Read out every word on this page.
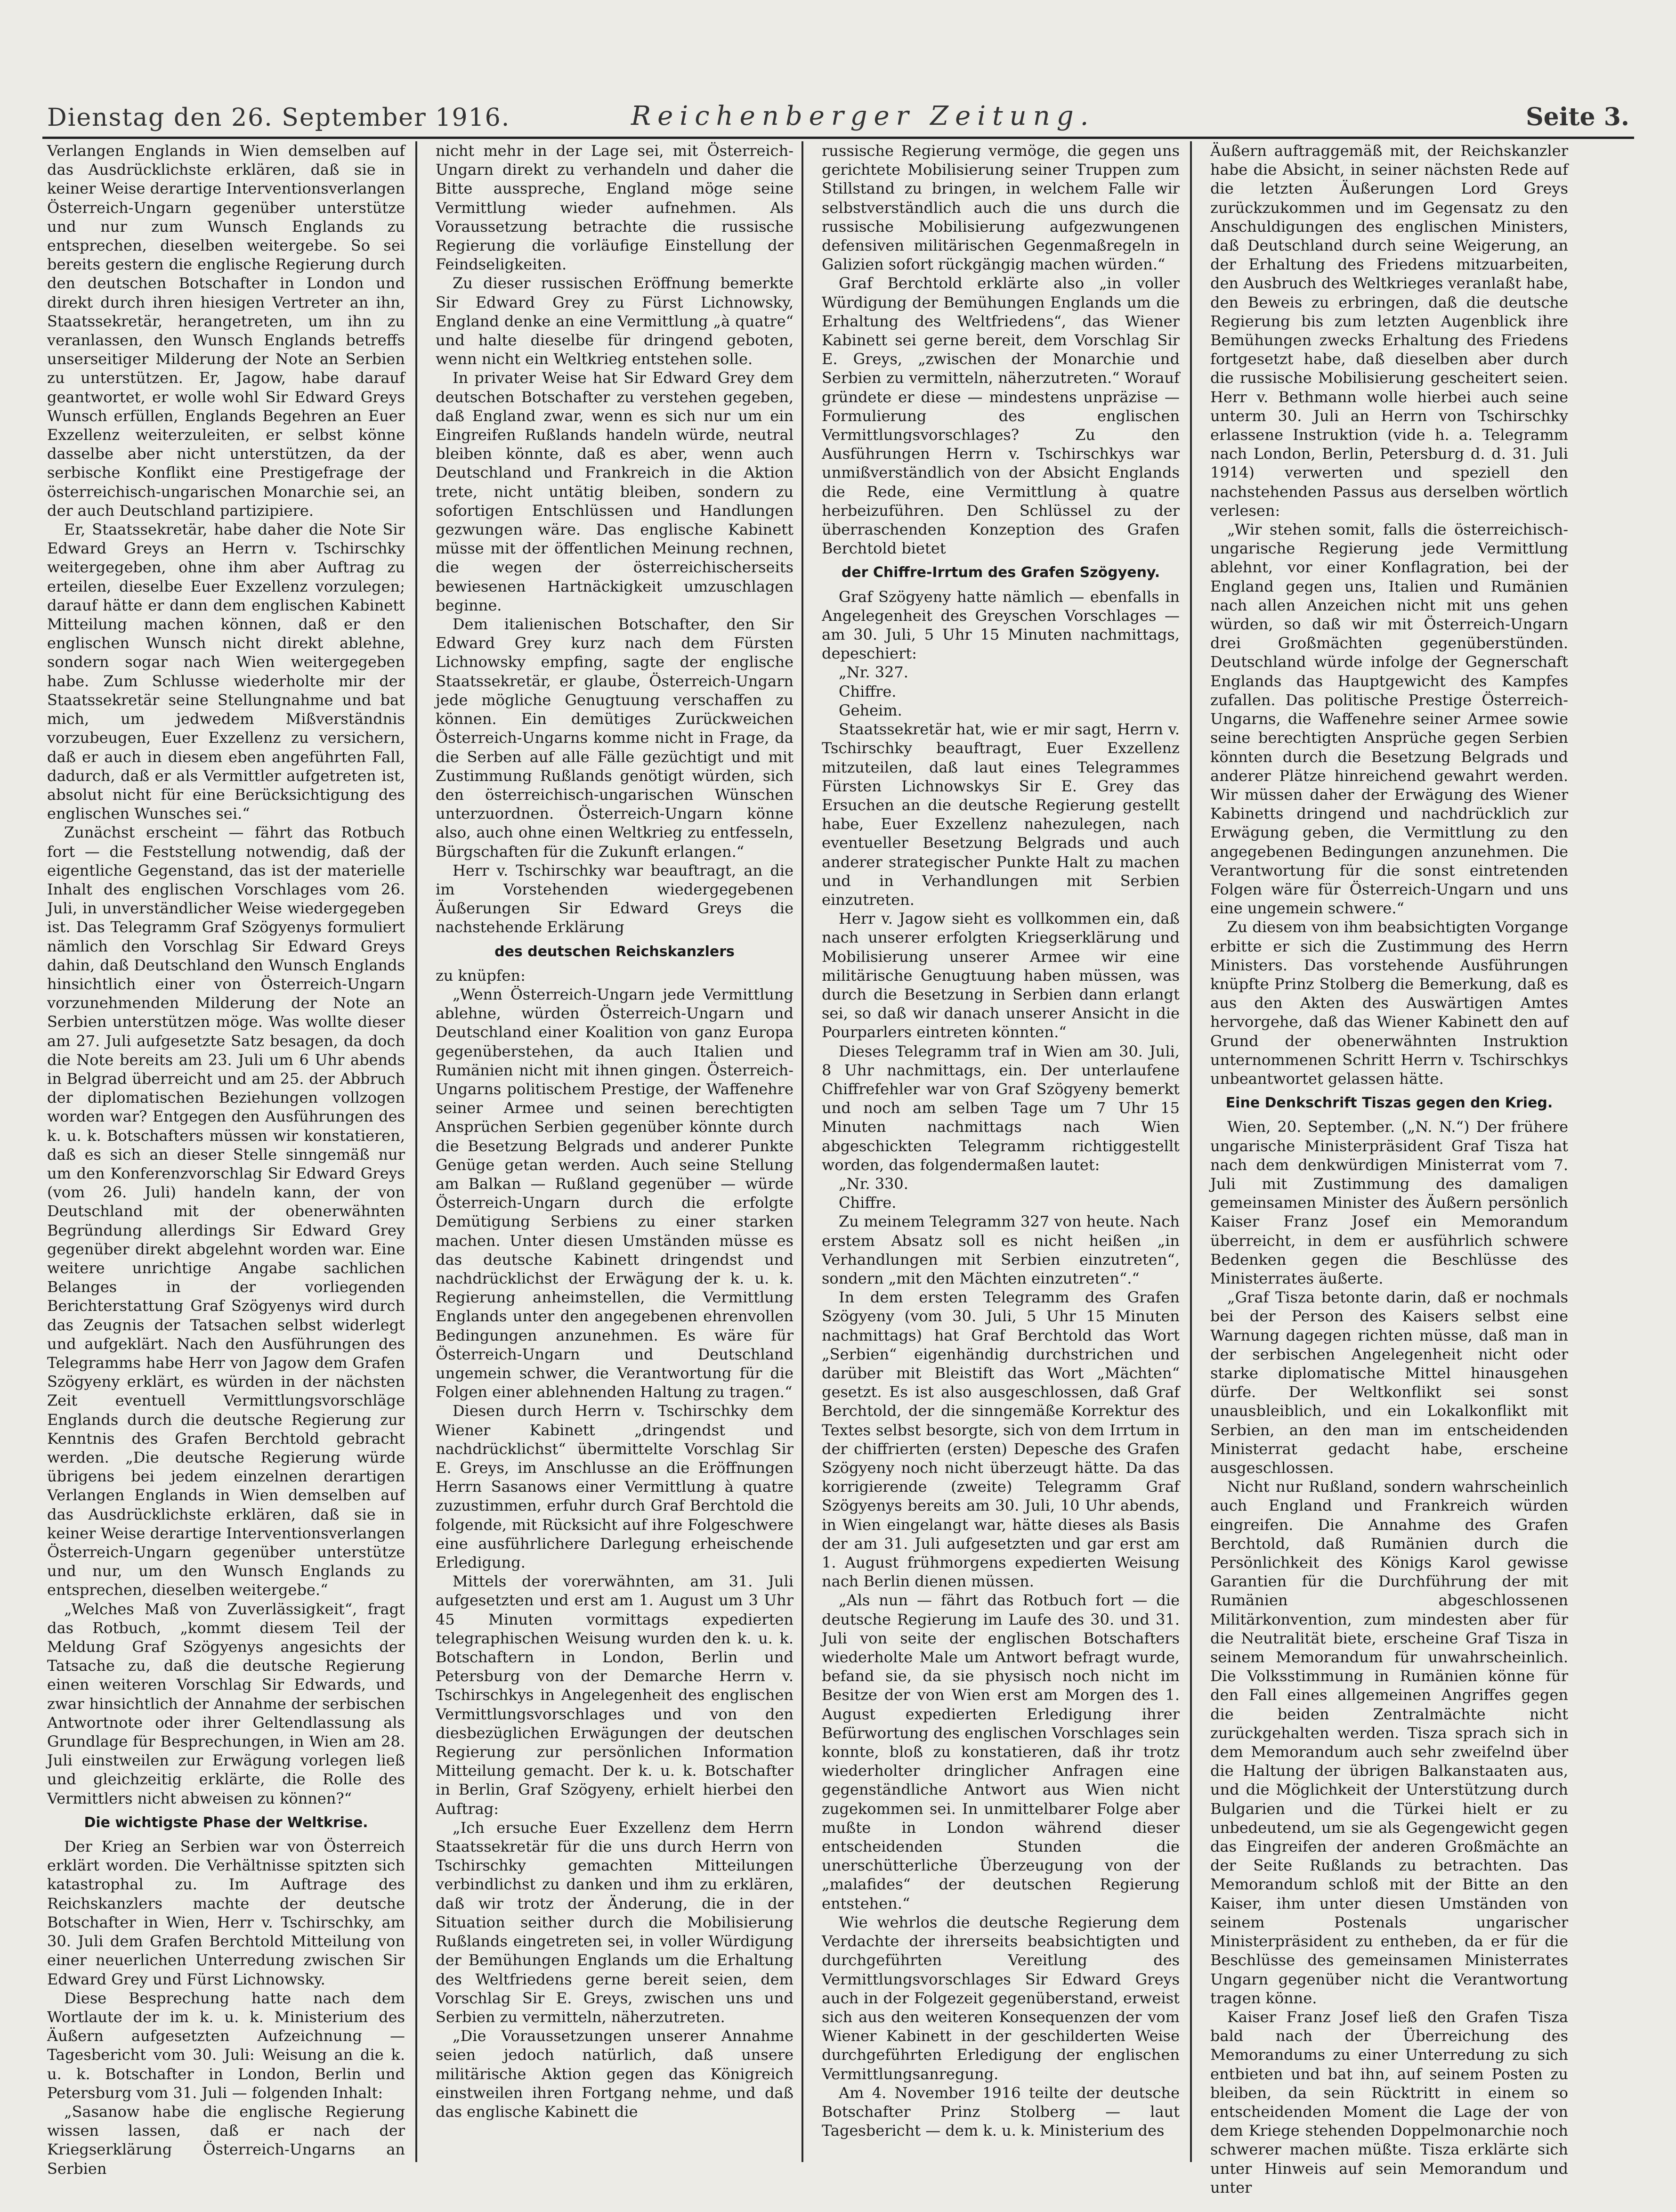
Dienstag den 26. September 1916.	Reichenberger Zeitung.	Seite 3.

Verlangen Englands in Wien demselben auf das Ausdrücklichste erklären, daß sie in keiner Weise derartige Interventionsverlangen Österreich-Ungarn gegenüber unterstütze und nur zum Wunsch Englands zu entsprechen, dieselben weitergebe. So sei bereits gestern die englische Regierung durch den deutschen Botschafter in London und direkt durch ihren hiesigen Vertreter an ihn, Staatssekretär, herangetreten, um ihn zu veranlassen, den Wunsch Englands betreffs unserseitiger Milderung der Note an Serbien zu unterstützen. Er, Jagow, habe darauf geantwortet, er wolle wohl Sir Edward Greys Wunsch erfüllen, Englands Begehren an Euer Exzellenz weiterzuleiten, er selbst könne dasselbe aber nicht unterstützen, da der serbische Konflikt eine Prestigefrage der österreichisch-ungarischen Monarchie sei, an der auch Deutschland partizipiere.

Er, Staatssekretär, habe daher die Note Sir Edward Greys an Herrn v. Tschirschky weitergegeben, ohne ihm aber Auftrag zu erteilen, dieselbe Euer Exzellenz vorzulegen; darauf hätte er dann dem englischen Kabinett Mitteilung machen können, daß er den englischen Wunsch nicht direkt ablehne, sondern sogar nach Wien weitergegeben habe. Zum Schlusse wiederholte mir der Staatssekretär seine Stellungnahme und bat mich, um jedwedem Mißverständnis vorzubeugen, Euer Exzellenz zu versichern, daß er auch in diesem eben angeführten Fall, dadurch, daß er als Vermittler aufgetreten ist, absolut nicht für eine Berücksichtigung des englischen Wunsches sei.“

Zunächst erscheint — fährt das Rotbuch fort — die Feststellung notwendig, daß der eigentliche Gegenstand, das ist der materielle Inhalt des englischen Vorschlages vom 26. Juli, in unverständlicher Weise wiedergegeben ist. Das Telegramm Graf Szögyenys formuliert nämlich den Vorschlag Sir Edward Greys dahin, daß Deutschland den Wunsch Englands hinsichtlich einer von Österreich-Ungarn vorzunehmenden Milderung der Note an Serbien unterstützen möge. Was wollte dieser am 27. Juli aufgesetzte Satz besagen, da doch die Note bereits am 23. Juli um 6 Uhr abends in Belgrad überreicht und am 25. der Abbruch der diplomatischen Beziehungen vollzogen worden war? Entgegen den Ausführungen des k. u. k. Botschafters müssen wir konstatieren, daß es sich an dieser Stelle sinngemäß nur um den Konferenzvorschlag Sir Edward Greys (vom 26. Juli) handeln kann, der von Deutschland mit der obenerwähnten Begründung allerdings Sir Edward Grey gegenüber direkt abgelehnt worden war. Eine weitere unrichtige Angabe sachlichen Belanges in der vorliegenden Berichterstattung Graf Szögyenys wird durch das Zeugnis der Tatsachen selbst widerlegt und aufgeklärt. Nach den Ausführungen des Telegramms habe Herr von Jagow dem Grafen Szögyeny erklärt, es würden in der nächsten Zeit eventuell Vermittlungsvorschläge Englands durch die deutsche Regierung zur Kenntnis des Grafen Berchtold gebracht werden. „Die deutsche Regierung würde übrigens bei jedem einzelnen derartigen Verlangen Englands in Wien demselben auf das Ausdrücklichste erklären, daß sie in keiner Weise derartige Interventionsverlangen Österreich-Ungarn gegenüber unterstütze und nur, um den Wunsch Englands zu entsprechen, dieselben weitergebe.“

„Welches Maß von Zuverlässigkeit“, fragt das Rotbuch, „kommt diesem Teil der Meldung Graf Szögyenys angesichts der Tatsache zu, daß die deutsche Regierung einen weiteren Vorschlag Sir Edwards, und zwar hinsichtlich der Annahme der serbischen Antwortnote oder ihrer Geltendlassung als Grundlage für Besprechungen, in Wien am 28. Juli einstweilen zur Erwägung vorlegen ließ und gleichzeitig erklärte, die Rolle des Vermittlers nicht abweisen zu können?“

Die wichtigste Phase der Weltkrise.

Der Krieg an Serbien war von Österreich erklärt worden. Die Verhältnisse spitzten sich katastrophal zu. Im Auftrage des Reichskanzlers machte der deutsche Botschafter in Wien, Herr v. Tschirschky, am 30. Juli dem Grafen Berchtold Mitteilung von einer neuerlichen Unterredung zwischen Sir Edward Grey und Fürst Lichnowsky.

Diese Besprechung hatte nach dem Wortlaute der im k. u. k. Ministerium des Äußern aufgesetzten Aufzeichnung — Tagesbericht vom 30. Juli: Weisung an die k. u. k. Botschafter in London, Berlin und Petersburg vom 31. Juli — folgenden Inhalt:

„Sasanow habe die englische Regierung wissen lassen, daß er nach der Kriegserklärung Österreich-Ungarns an Serbien

nicht mehr in der Lage sei, mit Österreich-Ungarn direkt zu verhandeln und daher die Bitte ausspreche, England möge seine Vermittlung wieder aufnehmen. Als Voraussetzung betrachte die russische Regierung die vorläufige Einstellung der Feindseligkeiten.

Zu dieser russischen Eröffnung bemerkte Sir Edward Grey zu Fürst Lichnowsky, England denke an eine Vermittlung „à quatre“ und halte dieselbe für dringend geboten, wenn nicht ein Weltkrieg entstehen solle.

In privater Weise hat Sir Edward Grey dem deutschen Botschafter zu verstehen gegeben, daß England zwar, wenn es sich nur um ein Eingreifen Rußlands handeln würde, neutral bleiben könnte, daß es aber, wenn auch Deutschland und Frankreich in die Aktion trete, nicht untätig bleiben, sondern zu sofortigen Entschlüssen und Handlungen gezwungen wäre. Das englische Kabinett müsse mit der öffentlichen Meinung rechnen, die wegen der österreichischerseits bewiesenen Hartnäckigkeit umzuschlagen beginne.

Dem italienischen Botschafter, den Sir Edward Grey kurz nach dem Fürsten Lichnowsky empfing, sagte der englische Staatssekretär, er glaube, Österreich-Ungarn jede mögliche Genugtuung verschaffen zu können. Ein demütiges Zurückweichen Österreich-Ungarns komme nicht in Frage, da die Serben auf alle Fälle gezüchtigt und mit Zustimmung Rußlands genötigt würden, sich den österreichisch-ungarischen Wünschen unterzuordnen. Österreich-Ungarn könne also, auch ohne einen Weltkrieg zu entfesseln, Bürgschaften für die Zukunft erlangen.“

Herr v. Tschirschky war beauftragt, an die im Vorstehenden wiedergegebenen Äußerungen Sir Edward Greys die nachstehende Erklärung

des deutschen Reichskanzlers

zu knüpfen:

„Wenn Österreich-Ungarn jede Vermittlung ablehne, würden Österreich-Ungarn und Deutschland einer Koalition von ganz Europa gegenüberstehen, da auch Italien und Rumänien nicht mit ihnen gingen. Österreich-Ungarns politischem Prestige, der Waffenehre seiner Armee und seinen berechtigten Ansprüchen Serbien gegenüber könnte durch die Besetzung Belgrads und anderer Punkte Genüge getan werden. Auch seine Stellung am Balkan — Rußland gegenüber — würde Österreich-Ungarn durch die erfolgte Demütigung Serbiens zu einer starken machen. Unter diesen Umständen müsse es das deutsche Kabinett dringendst und nachdrücklichst der Erwägung der k. u. k. Regierung anheimstellen, die Vermittlung Englands unter den angegebenen ehrenvollen Bedingungen anzunehmen. Es wäre für Österreich-Ungarn und Deutschland ungemein schwer, die Verantwortung für die Folgen einer ablehnenden Haltung zu tragen.“

Diesen durch Herrn v. Tschirschky dem Wiener Kabinett „dringendst und nachdrücklichst“ übermittelte Vorschlag Sir E. Greys, im Anschlusse an die Eröffnungen Herrn Sasanows einer Vermittlung à quatre zuzustimmen, erfuhr durch Graf Berchtold die folgende, mit Rücksicht auf ihre Folgeschwere eine ausführlichere Darlegung erheischende Erledigung.

Mittels der vorerwähnten, am 31. Juli aufgesetzten und erst am 1. August um 3 Uhr 45 Minuten vormittags expedierten telegraphischen Weisung wurden den k. u. k. Botschaftern in London, Berlin und Petersburg von der Demarche Herrn v. Tschirschkys in Angelegenheit des englischen Vermittlungsvorschlages und von den diesbezüglichen Erwägungen der deutschen Regierung zur persönlichen Information Mitteilung gemacht. Der k. u. k. Botschafter in Berlin, Graf Szögyeny, erhielt hierbei den Auftrag:

„Ich ersuche Euer Exzellenz dem Herrn Staatssekretär für die uns durch Herrn von Tschirschky gemachten Mitteilungen verbindlichst zu danken und ihm zu erklären, daß wir trotz der Änderung, die in der Situation seither durch die Mobilisierung Rußlands eingetreten sei, in voller Würdigung der Bemühungen Englands um die Erhaltung des Weltfriedens gerne bereit seien, dem Vorschlag Sir E. Greys, zwischen uns und Serbien zu vermitteln, näherzutreten.

„Die Voraussetzungen unserer Annahme seien jedoch natürlich, daß unsere militärische Aktion gegen das Königreich einstweilen ihren Fortgang nehme, und daß das englische Kabinett die

russische Regierung vermöge, die gegen uns gerichtete Mobilisierung seiner Truppen zum Stillstand zu bringen, in welchem Falle wir selbstverständlich auch die uns durch die russische Mobilisierung aufgezwungenen defensiven militärischen Gegenmaßregeln in Galizien sofort rückgängig machen würden.“

Graf Berchtold erklärte also „in voller Würdigung der Bemühungen Englands um die Erhaltung des Weltfriedens“, das Wiener Kabinett sei gerne bereit, dem Vorschlag Sir E. Greys, „zwischen der Monarchie und Serbien zu vermitteln, näherzutreten.“ Worauf gründete er diese — mindestens unpräzise — Formulierung des englischen Vermittlungsvorschlages? Zu den Ausführungen Herrn v. Tschirschkys war unmißverständlich von der Absicht Englands die Rede, eine Vermittlung à quatre herbeizuführen. Den Schlüssel zu der überraschenden Konzeption des Grafen Berchtold bietet

der Chiffre-Irrtum des Grafen Szögyeny.

Graf Szögyeny hatte nämlich — ebenfalls in Angelegenheit des Greyschen Vorschlages — am 30. Juli, 5 Uhr 15 Minuten nachmittags, depeschiert:

„Nr. 327.

Chiffre.

Geheim.

Staatssekretär hat, wie er mir sagt, Herrn v. Tschirschky beauftragt, Euer Exzellenz mitzuteilen, daß laut eines Telegrammes Fürsten Lichnowskys Sir E. Grey das Ersuchen an die deutsche Regierung gestellt habe, Euer Exzellenz nahezulegen, nach eventueller Besetzung Belgrads und auch anderer strategischer Punkte Halt zu machen und in Verhandlungen mit Serbien einzutreten.

Herr v. Jagow sieht es vollkommen ein, daß nach unserer erfolgten Kriegserklärung und Mobilisierung unserer Armee wir eine militärische Genugtuung haben müssen, was durch die Besetzung in Serbien dann erlangt sei, so daß wir danach unserer Ansicht in die Pourparlers eintreten könnten.“

Dieses Telegramm traf in Wien am 30. Juli, 8 Uhr nachmittags, ein. Der unterlaufene Chiffrefehler war von Graf Szögyeny bemerkt und noch am selben Tage um 7 Uhr 15 Minuten nachmittags nach Wien abgeschickten Telegramm richtiggestellt worden, das folgendermaßen lautet:

„Nr. 330.

Chiffre.

Zu meinem Telegramm 327 von heute. Nach erstem Absatz soll es nicht heißen „in Verhandlungen mit Serbien einzutreten“, sondern „mit den Mächten einzutreten“.“

In dem ersten Telegramm des Grafen Szögyeny (vom 30. Juli, 5 Uhr 15 Minuten nachmittags) hat Graf Berchtold das Wort „Serbien“ eigenhändig durchstrichen und darüber mit Bleistift das Wort „Mächten“ gesetzt. Es ist also ausgeschlossen, daß Graf Berchtold, der die sinngemäße Korrektur des Textes selbst besorgte, sich von dem Irrtum in der chiffrierten (ersten) Depesche des Grafen Szögyeny noch nicht überzeugt hätte. Da das korrigierende (zweite) Telegramm Graf Szögyenys bereits am 30. Juli, 10 Uhr abends, in Wien eingelangt war, hätte dieses als Basis der am 31. Juli aufgesetzten und gar erst am 1. August frühmorgens expedierten Weisung nach Berlin dienen müssen.

„Als nun — fährt das Rotbuch fort — die deutsche Regierung im Laufe des 30. und 31. Juli von seite der englischen Botschafters wiederholte Male um Antwort befragt wurde, befand sie, da sie physisch noch nicht im Besitze der von Wien erst am Morgen des 1. August expedierten Erledigung ihrer Befürwortung des englischen Vorschlages sein konnte, bloß zu konstatieren, daß ihr trotz wiederholter dringlicher Anfragen eine gegenständliche Antwort aus Wien nicht zugekommen sei. In unmittelbarer Folge aber mußte in London während dieser entscheidenden Stunden die unerschütterliche Überzeugung von der „malafides“ der deutschen Regierung entstehen.“

Wie wehrlos die deutsche Regierung dem Verdachte der ihrerseits beabsichtigten und durchgeführten Vereitlung des Vermittlungsvorschlages Sir Edward Greys auch in der Folgezeit gegenüberstand, erweist sich aus den weiteren Konsequenzen der vom Wiener Kabinett in der geschilderten Weise durchgeführten Erledigung der englischen Vermittlungsanregung.

Am 4. November 1916 teilte der deutsche Botschafter Prinz Stolberg — laut Tagesbericht — dem k. u. k. Ministerium des

Äußern auftraggemäß mit, der Reichskanzler habe die Absicht, in seiner nächsten Rede auf die letzten Äußerungen Lord Greys zurückzukommen und im Gegensatz zu den Anschuldigungen des englischen Ministers, daß Deutschland durch seine Weigerung, an der Erhaltung des Friedens mitzuarbeiten, den Ausbruch des Weltkrieges veranlaßt habe, den Beweis zu erbringen, daß die deutsche Regierung bis zum letzten Augenblick ihre Bemühungen zwecks Erhaltung des Friedens fortgesetzt habe, daß dieselben aber durch die russische Mobilisierung gescheitert seien. Herr v. Bethmann wolle hierbei auch seine unterm 30. Juli an Herrn von Tschirschky erlassene Instruktion (vide h. a. Telegramm nach London, Berlin, Petersburg d. d. 31. Juli 1914) verwerten und speziell den nachstehenden Passus aus derselben wörtlich verlesen:

„Wir stehen somit, falls die österreichisch-ungarische Regierung jede Vermittlung ablehnt, vor einer Konflagration, bei der England gegen uns, Italien und Rumänien nach allen Anzeichen nicht mit uns gehen würden, so daß wir mit Österreich-Ungarn drei Großmächten gegenüberstünden. Deutschland würde infolge der Gegnerschaft Englands das Hauptgewicht des Kampfes zufallen. Das politische Prestige Österreich-Ungarns, die Waffenehre seiner Armee sowie seine berechtigten Ansprüche gegen Serbien könnten durch die Besetzung Belgrads und anderer Plätze hinreichend gewahrt werden. Wir müssen daher der Erwägung des Wiener Kabinetts dringend und nachdrücklich zur Erwägung geben, die Vermittlung zu den angegebenen Bedingungen anzunehmen. Die Verantwortung für die sonst eintretenden Folgen wäre für Österreich-Ungarn und uns eine ungemein schwere.“

Zu diesem von ihm beabsichtigten Vorgange erbitte er sich die Zustimmung des Herrn Ministers. Das vorstehende Ausführungen knüpfte Prinz Stolberg die Bemerkung, daß es aus den Akten des Auswärtigen Amtes hervorgehe, daß das Wiener Kabinett den auf Grund der obenerwähnten Instruktion unternommenen Schritt Herrn v. Tschirschkys unbeantwortet gelassen hätte.

Eine Denkschrift Tiszas gegen den Krieg.

Wien, 20. September. („N. N.“) Der frühere ungarische Ministerpräsident Graf Tisza hat nach dem denkwürdigen Ministerrat vom 7. Juli mit Zustimmung des damaligen gemeinsamen Minister des Äußern persönlich Kaiser Franz Josef ein Memorandum überreicht, in dem er ausführlich schwere Bedenken gegen die Beschlüsse des Ministerrates äußerte.

„Graf Tisza betonte darin, daß er nochmals bei der Person des Kaisers selbst eine Warnung dagegen richten müsse, daß man in der serbischen Angelegenheit nicht oder starke diplomatische Mittel hinausgehen dürfe. Der Weltkonflikt sei sonst unausbleiblich, und ein Lokalkonflikt mit Serbien, an den man im entscheidenden Ministerrat gedacht habe, erscheine ausgeschlossen.

Nicht nur Rußland, sondern wahrscheinlich auch England und Frankreich würden eingreifen. Die Annahme des Grafen Berchtold, daß Rumänien durch die Persönlichkeit des Königs Karol gewisse Garantien für die Durchführung der mit Rumänien abgeschlossenen Militärkonvention, zum mindesten aber für die Neutralität biete, erscheine Graf Tisza in seinem Memorandum für unwahrscheinlich. Die Volksstimmung in Rumänien könne für den Fall eines allgemeinen Angriffes gegen die beiden Zentralmächte nicht zurückgehalten werden. Tisza sprach sich in dem Memorandum auch sehr zweifelnd über die Haltung der übrigen Balkanstaaten aus, und die Möglichkeit der Unterstützung durch Bulgarien und die Türkei hielt er zu unbedeutend, um sie als Gegengewicht gegen das Eingreifen der anderen Großmächte an der Seite Rußlands zu betrachten. Das Memorandum schloß mit der Bitte an den Kaiser, ihm unter diesen Umständen von seinem Postenals ungarischer Ministerpräsident zu entheben, da er für die Beschlüsse des gemeinsamen Ministerrates Ungarn gegenüber nicht die Verantwortung tragen könne.

Kaiser Franz Josef ließ den Grafen Tisza bald nach der Überreichung des Memorandums zu einer Unterredung zu sich entbieten und bat ihn, auf seinem Posten zu bleiben, da sein Rücktritt in einem so entscheidenden Moment die Lage der von dem Kriege stehenden Doppelmonarchie noch schwerer machen müßte. Tisza erklärte sich unter Hinweis auf sein Memorandum und unter
